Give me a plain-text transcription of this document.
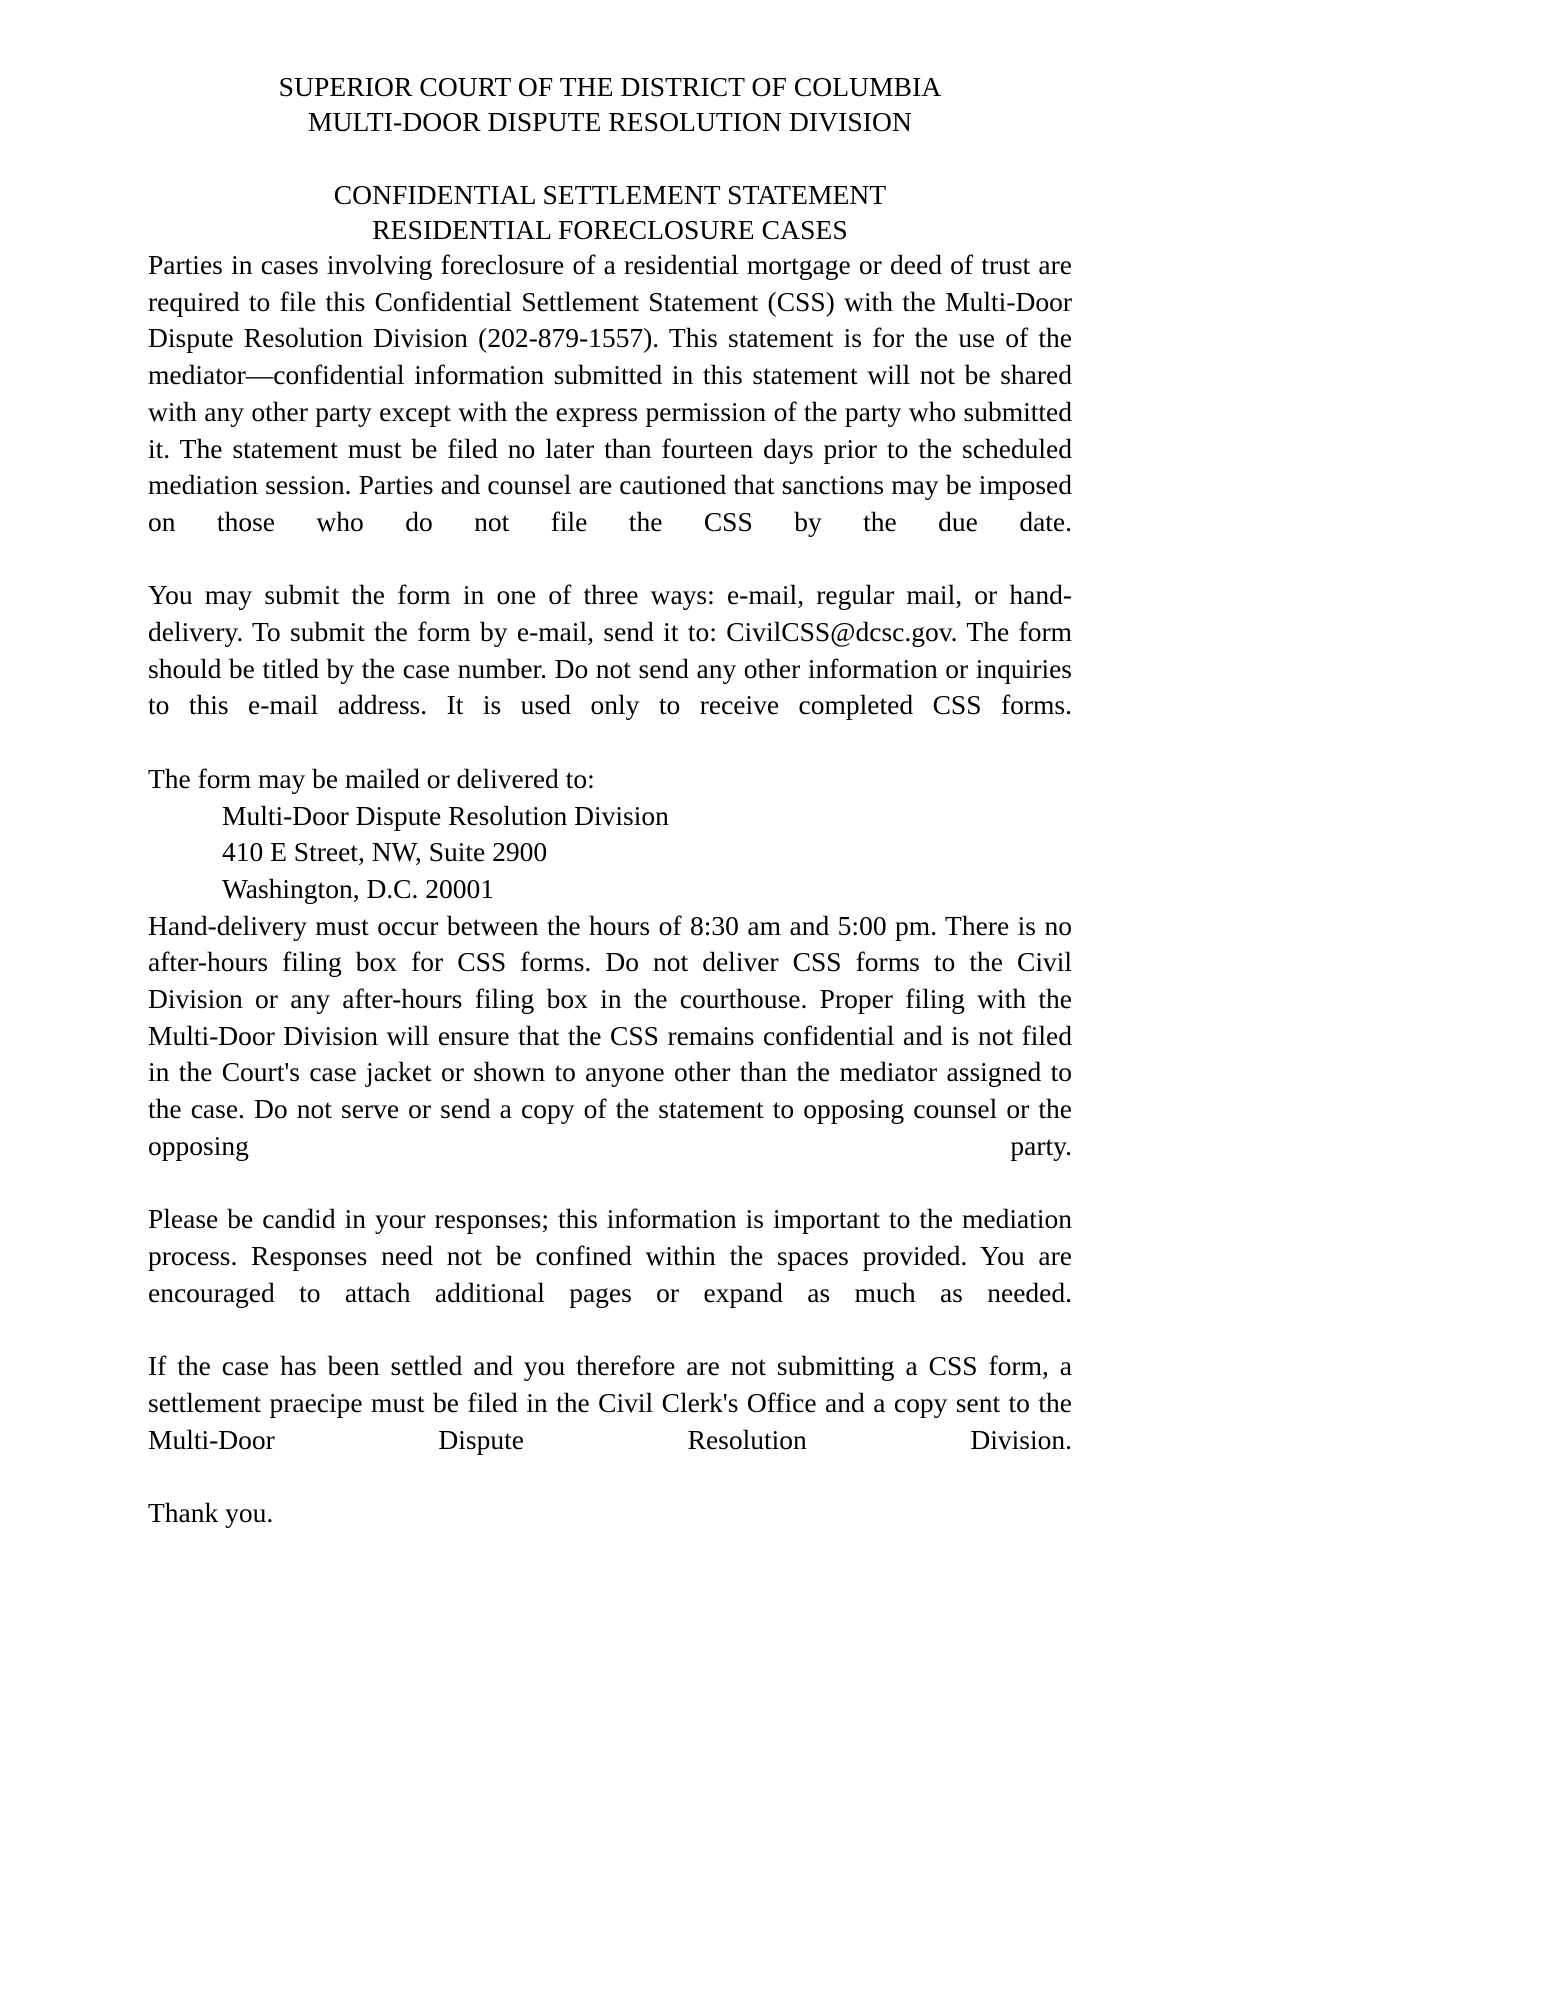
SUPERIOR COURT OF THE DISTRICT OF COLUMBIA
MULTI-DOOR DISPUTE RESOLUTION DIVISION
CONFIDENTIAL SETTLEMENT STATEMENT
RESIDENTIAL FORECLOSURE CASES

Parties in cases involving foreclosure of a residential mortgage or deed of trust are required to file this Confidential Settlement Statement (CSS) with the Multi-Door Dispute Resolution Division (202-879-1557). This statement is for the use of the mediator—confidential information submitted in this statement will not be shared with any other party except with the express permission of the party who submitted it. The statement must be filed no later than fourteen days prior to the scheduled mediation session. Parties and counsel are cautioned that sanctions may be imposed on those who do not file the CSS by the due date.

You may submit the form in one of three ways: e-mail, regular mail, or hand-delivery. To submit the form by e-mail, send it to: CivilCSS@dcsc.gov. The form should be titled by the case number. Do not send any other information or inquiries to this e-mail address. It is used only to receive completed CSS forms.

The form may be mailed or delivered to:
Multi-Door Dispute Resolution Division
410 E Street, NW, Suite 2900
Washington, D.C. 20001

Hand-delivery must occur between the hours of 8:30 am and 5:00 pm. There is no after-hours filing box for CSS forms. Do not deliver CSS forms to the Civil Division or any after-hours filing box in the courthouse. Proper filing with the Multi-Door Division will ensure that the CSS remains confidential and is not filed in the Court's case jacket or shown to anyone other than the mediator assigned to the case. Do not serve or send a copy of the statement to opposing counsel or the opposing party.

Please be candid in your responses; this information is important to the mediation process. Responses need not be confined within the spaces provided. You are encouraged to attach additional pages or expand as much as needed.

If the case has been settled and you therefore are not submitting a CSS form, a settlement praecipe must be filed in the Civil Clerk's Office and a copy sent to the Multi-Door Dispute Resolution Division.

Thank you.
